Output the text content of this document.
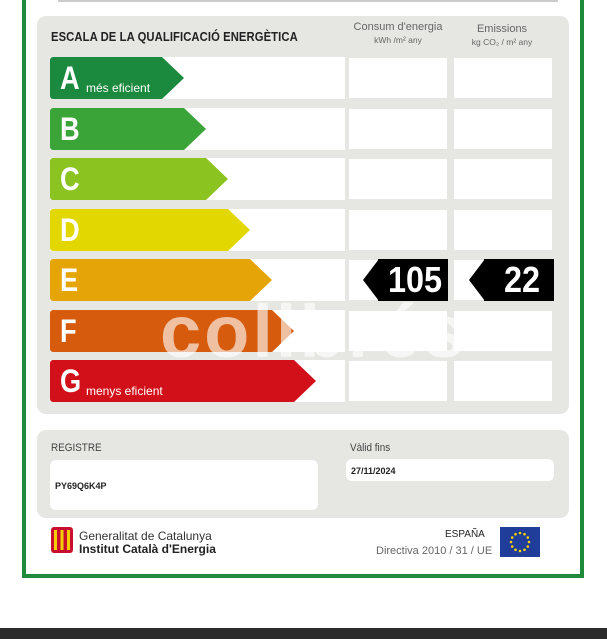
ESCALA DE LA QUALIFICACIÓ ENERGÈTICA
Consum d'energia
kWh /m² any
Emissions
kg CO₂ / m² any
A més eficient
B
C
D
E	105 22
F
G menys eficient
colibrés
REGISTRE
PY69Q6K4P
Vàlid fins
27/11/2024
Generalitat de Catalunya
Institut Català d'Energia
ESPAÑA
Directiva 2010 / 31 / UE
